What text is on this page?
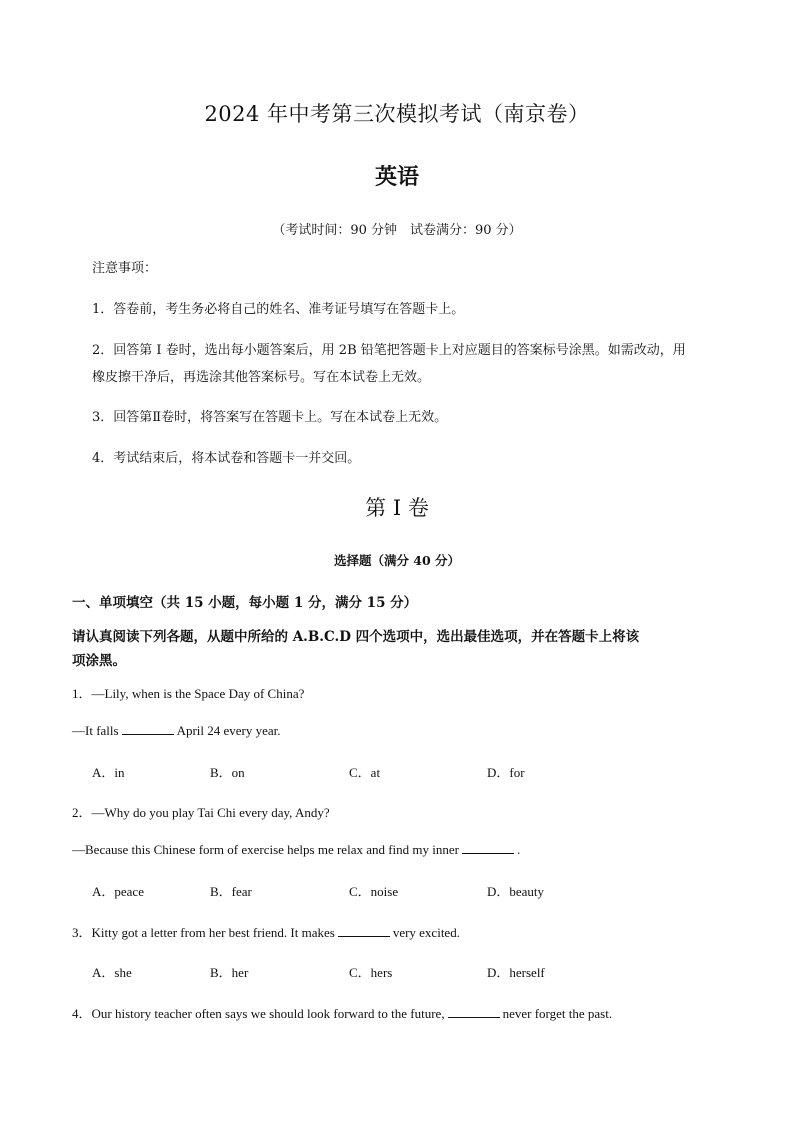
2024 年中考第三次模拟考试（南京卷）
英语
（考试时间：90 分钟　试卷满分：90 分）
注意事项：
1．答卷前，考生务必将自己的姓名、准考证号填写在答题卡上。
2．回答第 I 卷时，选出每小题答案后，用 2B 铅笔把答题卡上对应题目的答案标号涂黑。如需改动，用
橡皮擦干净后，再选涂其他答案标号。写在本试卷上无效。
3．回答第Ⅱ卷时，将答案写在答题卡上。写在本试卷上无效。
4．考试结束后，将本试卷和答题卡一并交回。
第 I 卷
选择题（满分 40 分）
一、单项填空（共 15 小题，每小题 1 分，满分 15 分）
请认真阅读下列各题，从题中所给的 A.B.C.D 四个选项中，选出最佳选项，并在答题卡上将该
项涂黑。
1．—Lily, when is the Space Day of China?
—It falls	April 24 every year.
A．in	B．on	C．at	D．for
2．—Why do you play Tai Chi every day, Andy?
—Because this Chinese form of exercise helps me relax and find my inner	.
A．peace	B．fear	C．noise	D．beauty
3．Kitty got a letter from her best friend. It makes	very excited.
A．she	B．her	C．hers	D．herself
4．Our history teacher often says we should look forward to the future,	never forget the past.
